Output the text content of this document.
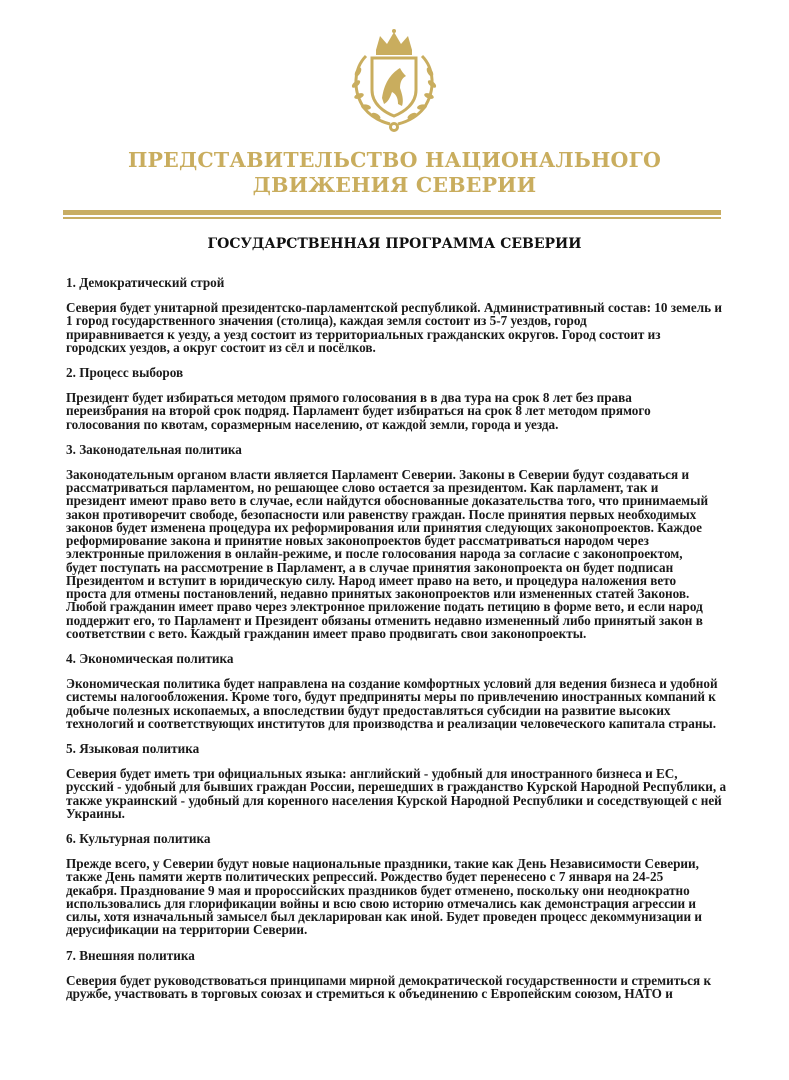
ПРЕДСТАВИТЕЛЬСТВО НАЦИОНАЛЬНОГО
ДВИЖЕНИЯ СЕВЕРИИ
ГОСУДАРСТВЕННАЯ ПРОГРАММА СЕВЕРИИ
1. Демократический строй
Северия будет унитарной президентско-парламентской республикой. Административный состав: 10 земель и
1 город государственного значения (столица), каждая земля состоит из 5-7 уездов, город
приравнивается к уезду, а уезд состоит из территориальных гражданских округов. Город состоит из
городских уездов, а округ состоит из сёл и посёлков.
2. Процесс выборов
Президент будет избираться методом прямого голосования в в два тура на срок 8 лет без права
переизбрания на второй срок подряд. Парламент будет избираться на срок 8 лет методом прямого
голосования по квотам, соразмерным населению, от каждой земли, города и уезда.
3. Законодательная политика
Законодательным органом власти является Парламент Северии. Законы в Северии будут создаваться и
рассматриваться парламентом, но решающее слово остается за президентом. Как парламент, так и
президент имеют право вето в случае, если найдутся обоснованные доказательства того, что принимаемый
закон противоречит свободе, безопасности или равенству граждан. После принятия первых необходимых
законов будет изменена процедура их реформирования или принятия следующих законопроектов. Каждое
реформирование закона и принятие новых законопроектов будет рассматриваться народом через
электронные приложения в онлайн-режиме, и после голосования народа за согласие с законопроектом,
будет поступать на рассмотрение в Парламент, а в случае принятия законопроекта он будет подписан
Президентом и вступит в юридическую силу. Народ имеет право на вето, и процедура наложения вето
проста для отмены постановлений, недавно принятых законопроектов или измененных статей Законов.
Любой гражданин имеет право через электронное приложение подать петицию в форме вето, и если народ
поддержит его, то Парламент и Президент обязаны отменить недавно измененный либо принятый закон в
соответствии с вето. Каждый гражданин имеет право продвигать свои законопроекты.
4. Экономическая политика
Экономическая политика будет направлена на создание комфортных условий для ведения бизнеса и удобной
системы налогообложения. Кроме того, будут предприняты меры по привлечению иностранных компаний к
добыче полезных ископаемых, а впоследствии будут предоставляться субсидии на развитие высоких
технологий и соответствующих институтов для производства и реализации человеческого капитала страны.
5. Языковая политика
Северия будет иметь три официальных языка: английский - удобный для иностранного бизнеса и ЕС,
русский - удобный для бывших граждан России, перешедших в гражданство Курской Народной Республики, а
также украинский - удобный для коренного населения Курской Народной Республики и соседствующей с ней
Украины.
6. Культурная политика
Прежде всего, у Северии будут новые национальные праздники, такие как День Независимости Северии,
также День памяти жертв политических репрессий. Рождество будет перенесено с 7 января на 24-25
декабря. Празднование 9 мая и пророссийских праздников будет отменено, поскольку они неоднократно
использовались для глорификации войны и всю свою историю отмечались как демонстрация агрессии и
силы, хотя изначальный замысел был декларирован как иной. Будет проведен процесс декоммунизации и
дерусификации на территории Северии.
7. Внешняя политика
Северия будет руководствоваться принципами мирной демократической государственности и стремиться к
дружбе, участвовать в торговых союзах и стремиться к объединению с Европейским союзом, НАТО и
